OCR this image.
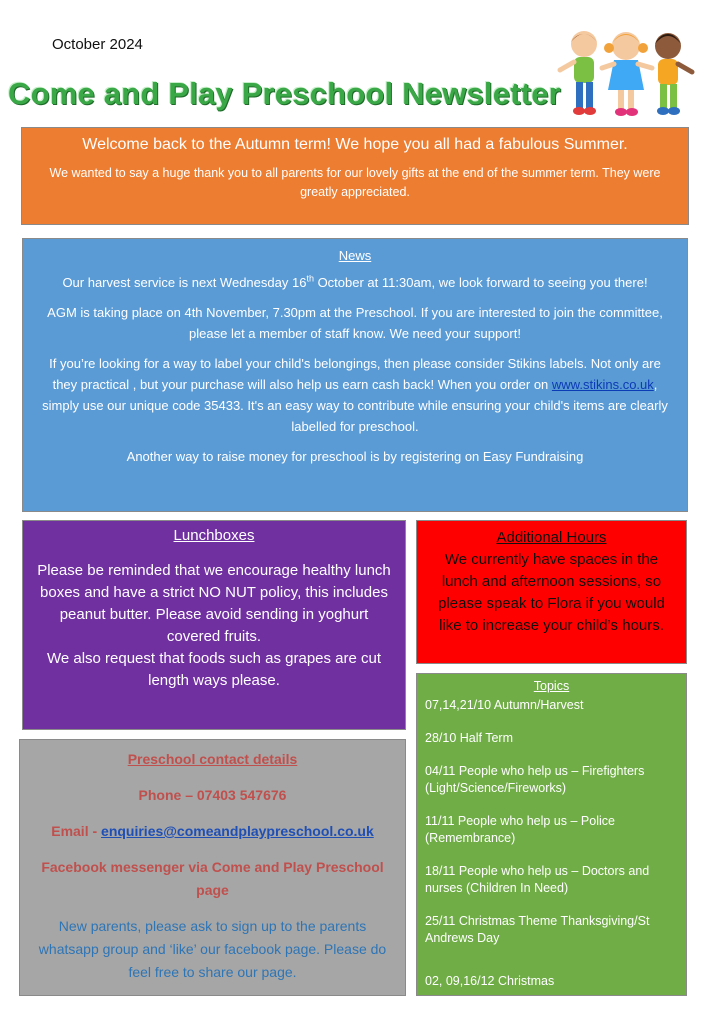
October 2024
Come and Play Preschool Newsletter
Welcome back to the Autumn term! We hope you all had a fabulous Summer.
We wanted to say a huge thank you to all parents for our lovely gifts at the end of the summer term. They were greatly appreciated.
News

Our harvest service is next Wednesday 16th October at 11:30am, we look forward to seeing you there!

AGM is taking place on 4th November, 7.30pm at the Preschool. If you are interested to join the committee, please let a member of staff know. We need your support!

If you’re looking for a way to label your child's belongings, then please consider Stikins labels. Not only are they practical , but your purchase will also help us earn cash back! When you order on www.stikins.co.uk, simply use our unique code 35433. It's an easy way to contribute while ensuring your child's items are clearly labelled for preschool.

Another way to raise money for preschool is by registering on Easy Fundraising

Lunchboxes
Please be reminded that we encourage healthy lunch boxes and have a strict NO NUT policy, this includes peanut butter. Please avoid sending in yoghurt covered fruits.
We also request that foods such as grapes are cut length ways please.
Additional Hours
We currently have spaces in the lunch and afternoon sessions, so please speak to Flora if you would like to increase your child’s hours.
Preschool contact details
Phone – 07403 547676
Email - enquiries@comeandplaypreschool.co.uk
Facebook messenger via Come and Play Preschool page
New parents, please ask to sign up to the parents whatsapp group and ‘like’ our facebook page. Please do feel free to share our page.
Topics
07,14,21/10 Autumn/Harvest
28/10 Half Term
04/11 People who help us – Firefighters (Light/Science/Fireworks)
11/11 People who help us – Police (Remembrance)
18/11 People who help us – Doctors and nurses (Children In Need)
25/11 Christmas Theme Thanksgiving/St Andrews Day
02, 09,16/12 Christmas
